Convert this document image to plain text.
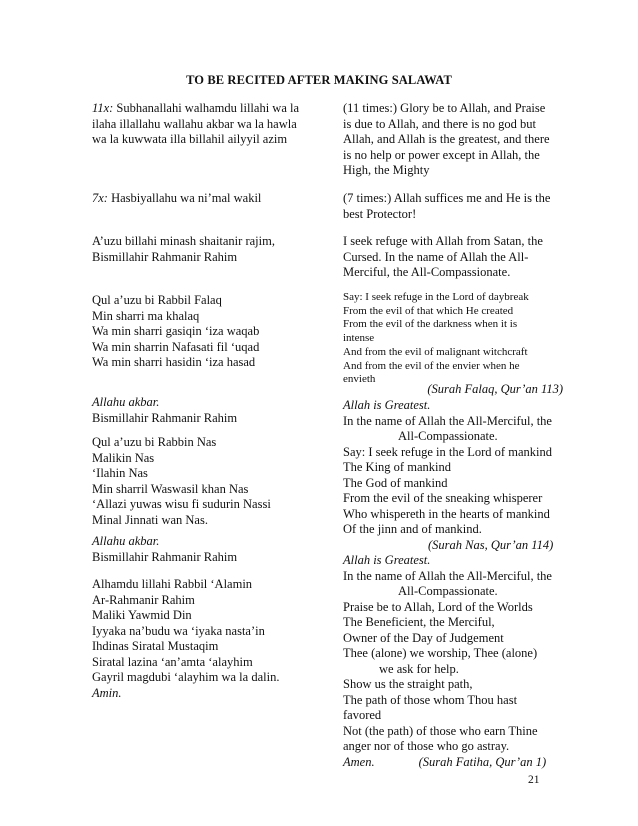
TO BE RECITED AFTER MAKING SALAWAT
11x: Subhanallahi walhamdu lillahi wa la
ilaha illallahu wallahu akbar wa la hawla
wa la kuwwata illa billahil ailyyil azim
7x: Hasbiyallahu wa ni’mal wakil
A’uzu billahi minash shaitanir rajim,
Bismillahir Rahmanir Rahim
Qul a’uzu bi Rabbil Falaq
Min sharri ma khalaq
Wa min sharri gasiqin ‘iza waqab
Wa min sharrin Nafasati fil ‘uqad
Wa min sharri hasidin ‘iza hasad
Allahu akbar.
Bismillahir Rahmanir Rahim
Qul a’uzu bi Rabbin Nas
Malikin Nas
‘Ilahin Nas
Min sharril Waswasil khan Nas
‘Allazi yuwas wisu fi sudurin Nassi
Minal Jinnati wan Nas.
Allahu akbar.
Bismillahir Rahmanir Rahim
Alhamdu lillahi Rabbil ‘Alamin
Ar-Rahmanir Rahim
Maliki Yawmid Din
Iyyaka na’budu wa ‘iyaka nasta’in
Ihdinas Siratal Mustaqim
Siratal lazina ‘an’amta ‘alayhim
Gayril magdubi ‘alayhim wa la dalin.
Amin.
(11 times:) Glory be to Allah, and Praise
is due to Allah, and there is no god but
Allah, and Allah is the greatest, and there
is no help or power except in Allah, the
High, the Mighty
(7 times:) Allah suffices me and He is the
best Protector!
I seek refuge with Allah from Satan, the
Cursed. In the name of Allah the All-
Merciful, the All-Compassionate.
Say: I seek refuge in the Lord of daybreak
From the evil of that which He created
From the evil of the darkness when it is
intense
And from the evil of malignant witchcraft
And from the evil of the envier when he
envieth
(Surah Falaq, Qur’an 113)
Allah is Greatest.
In the name of Allah the All-Merciful, the
All-Compassionate.
Say: I seek refuge in the Lord of mankind
The King of mankind
The God of mankind
From the evil of the sneaking whisperer
Who whispereth in the hearts of mankind
Of the jinn and of mankind.
(Surah Nas, Qur’an 114)
Allah is Greatest.
In the name of Allah the All-Merciful, the
All-Compassionate.
Praise be to Allah, Lord of the Worlds
The Beneficient, the Merciful,
Owner of the Day of Judgement
Thee (alone) we worship, Thee (alone)
we ask for help.
Show us the straight path,
The path of those whom Thou hast
favored
Not (the path) of those who earn Thine
anger nor of those who go astray.
Amen.	(Surah Fatiha, Qur’an 1)
21
